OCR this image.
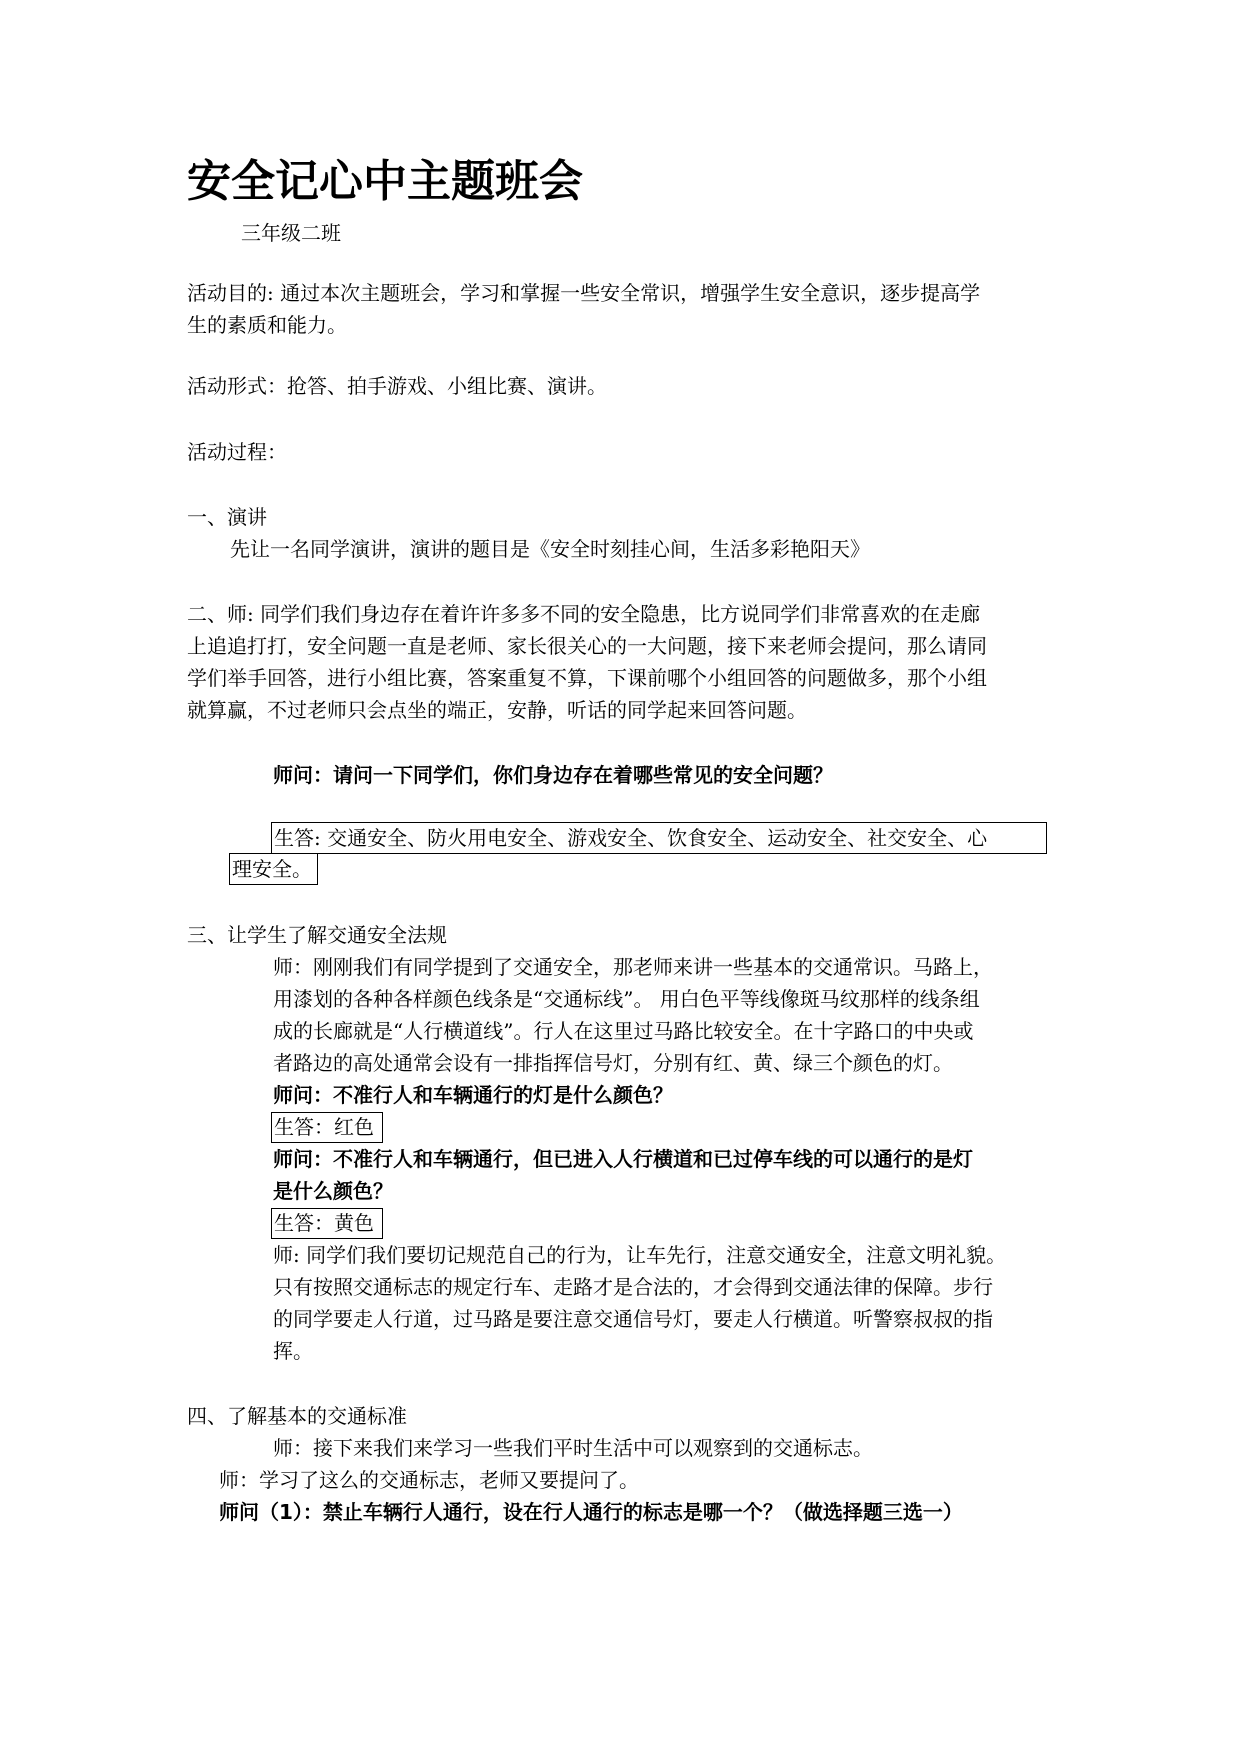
安全记心中主题班会
三年级二班
活动目的: 通过本次主题班会，学习和掌握一些安全常识，增强学生安全意识，逐步提高学
生的素质和能力。
活动形式：抢答、拍手游戏、小组比赛、演讲。
活动过程：
一、演讲
先让一名同学演讲，演讲的题目是《安全时刻挂心间，生活多彩艳阳天》
二、师: 同学们我们身边存在着许许多多不同的安全隐患，比方说同学们非常喜欢的在走廊
上追追打打，安全问题一直是老师、家长很关心的一大问题，接下来老师会提问，那么请同
学们举手回答，进行小组比赛，答案重复不算，下课前哪个小组回答的问题做多，那个小组
就算赢，不过老师只会点坐的端正，安静，听话的同学起来回答问题。
师问：请问一下同学们，你们身边存在着哪些常见的安全问题？
生答: 交通安全、防火用电安全、游戏安全、饮食安全、运动安全、社交安全、心
理安全。
三、让学生了解交通安全法规
师：刚刚我们有同学提到了交通安全，那老师来讲一些基本的交通常识。马路上，
用漆划的各种各样颜色线条是“交通标线”。 用白色平等线像斑马纹那样的线条组
成的长廊就是“人行横道线”。行人在这里过马路比较安全。在十字路口的中央或
者路边的高处通常会设有一排指挥信号灯，分别有红、黄、绿三个颜色的灯。
师问：不准行人和车辆通行的灯是什么颜色？
生答：红色
师问：不准行人和车辆通行，但已进入人行横道和已过停车线的可以通行的是灯
是什么颜色？
生答：黄色
师: 同学们我们要切记规范自己的行为，让车先行，注意交通安全，注意文明礼貌。
只有按照交通标志的规定行车、走路才是合法的，才会得到交通法律的保障。步行
的同学要走人行道，过马路是要注意交通信号灯，要走人行横道。听警察叔叔的指
挥。
四、了解基本的交通标准
师：接下来我们来学习一些我们平时生活中可以观察到的交通标志。
师：学习了这么的交通标志，老师又要提问了。
师问（1）：禁止车辆行人通行，设在行人通行的标志是哪一个？（做选择题三选一）
